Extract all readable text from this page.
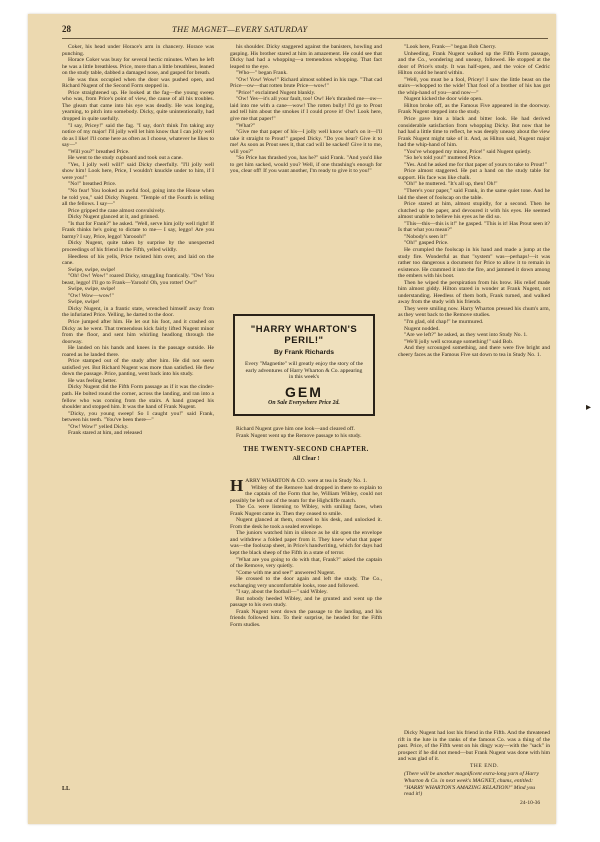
28	THE MAGNET—EVERY SATURDAY

Coker, his head under Horace's arm in chancery. Horace was punching.

Horace Coker was busy for several hectic minutes. When he left he was a little breathless. Price, more than a little breathless, leaned on the study table, dabbed a damaged nose, and gasped for breath.

He was thus occupied when the door was pushed open, and Richard Nugent of the Second Form stepped in.

Price straightened up. He looked at the fag—the young sweep who was, from Price's point of view, the cause of all his troubles. The gleam that came into his eye was deadly. He was longing, yearning, to pitch into somebody. Dicky, quite unintentionally, had dropped in quite usefully.

"I say, Pricey!" said the fag. "I say, don't think I'm taking any notice of my major! I'll jolly well let him know that I can jolly well do as I like! I'll come here as often as I choose, whatever he likes to say—"

"Will you?" breathed Price.

He went to the study cupboard and took out a cane.

"Yes, I jolly well will!" said Dicky cheerfully. "I'll jolly well show him! Look here, Price, I wouldn't knuckle under to him, if I were you!"

"No!" breathed Price.

"No fear! You looked an awful fool, going into the House when he told you," said Dicky Nugent. "Temple of the Fourth is telling all the fellows. I say—"

Price gripped the cane almost convulsively.

Dicky Nugent glanced at it, and grinned.

"Is that for Frank?" he asked. "Well, serve him jolly well right! If Frank thinks he's going to dictate to me— I say, leggo! Are you barmy? I say, Price, leggo! Yaroooh!"

Dicky Nugent, quite taken by surprise by the unexpected proceedings of his friend in the Fifth, yelled wildly.

Heedless of his yells, Price twisted him over, and laid on the cane.

Swipe, swipe, swipe!

"Oh! Ow! Wow!" roared Dicky, struggling frantically. "Ow! You beast, leggo! I'll go to Frank—Yarooh! Oh, you rotter! Ow!"

Swipe, swipe, swipe!

"Ow! Wow—wow!"

Swipe, swipe!

Dicky Nugent, in a frantic state, wrenched himself away from the infuriated Price. Yelling, he darted to the door.

Price jumped after him. He let out his foot, and it crashed on Dicky as he went. That tremendous kick fairly lifted Nugent minor from the floor, and sent him whirling headlong through the doorway.

He landed on his hands and knees in the passage outside. He roared as he landed there.

Price stamped out of the study after him. He did not seem satisfied yet. But Richard Nugent was more than satisfied. He flew down the passage. Price, panting, went back into his study.

He was feeling better.

Dicky Nugent did the Fifth Form passage as if it was the cinder-path. He bolted round the corner, across the landing, and ran into a fellow who was coming from the stairs. A hand grasped his shoulder and stopped him. It was the hand of Frank Nugent.

"Dicky, you young sweep! So I caught you!" said Frank, between his teeth. "You've been there—"

"Ow! Wow!" yelled Dicky.

Frank stared at him, and released

his shoulder. Dicky staggered against the banisters, howling and gasping. His brother stared at him in amazement. He could see that Dicky had had a whopping—a tremendous whopping. That fact leaped to the eye.

"Who—" began Frank.

"Ow! Yow! Wow!" Richard almost sobbed in his rage. "That cad Price—ow—that rotten brute Price—wow!"

"Price!" exclaimed Nugent blankly.

"Ow! Yes—it's all your fault, too! Ow! He's thrashed me—ow—laid into me with a cane—wow! The rotten bully! I'd go to Prout and tell him about the smokes if I could prove it! Ow! Look here, give me that paper!"

"What?"

"Give me that paper of his—I jolly well know what's on it—I'll take it straight to Prout!" gasped Dicky. "Do you hear? Give it to me! As soon as Prout sees it, that cad will be sacked! Give it to me, will you?"

"So Price has thrashed you, has he?" said Frank. "And you'd like to get him sacked, would you? Well, if one thrashing's enough for you, clear off! If you want another, I'm ready to give it to you!"

"HARRY WHARTON'S PERIL!"
By Frank Richards
Every "Magnetite" will greatly enjoy the story of the early adventures of Harry Wharton & Co. appearing in this week's
GEM
On Sale Everywhere Price 2d.

Richard Nugent gave him one look—and cleared off.

Frank Nugent went up the Remove passage to his study.

THE TWENTY-SECOND CHAPTER.
All Clear !

HARRY WHARTON & CO. were at tea in Study No. 1.

Wibley of the Remove had dropped in there to explain to the captain of the Form that he, William Wibley, could not possibly be left out of the team for the Highcliffe match.

The Co. were listening to Wibley, with smiling faces, when Frank Nugent came in. Then they ceased to smile.

Nugent glanced at them, crossed to his desk, and unlocked it. From the desk he took a sealed envelope.

The juniors watched him in silence as he slit open the envelope and withdrew a folded paper from it. They knew what that paper was—the foolscap sheet, in Price's handwriting, which for days had kept the black sheep of the Fifth in a state of terror.

"What are you going to do with that, Frank?" asked the captain of the Remove, very quietly.

"Come with me and see!" answered Nugent.

He crossed to the door again and left the study. The Co., exchanging very uncomfortable looks, rose and followed.

"I say, about the football—" said Wibley.

But nobody heeded Wibley, and he grunted and went up the passage to his own study.

Frank Nugent went down the passage to the landing, and his friends followed him. To their surprise, he headed for the Fifth Form studies.

"Look here, Frank—" began Bob Cherry.

Unheeding, Frank Nugent walked up the Fifth Form passage, and the Co., wondering and uneasy, followed. He stopped at the door of Price's study. It was half-open, and the voice of Cedric Hilton could be heard within.

"Well, you must be a fool, Pricey! I saw the little beast on the stairs—whopped to the wide! That fool of a brother of his has got the whip-hand of you—and now—"

Nugent kicked the door wide open.

Hilton broke off, as the Famous Five appeared in the doorway. Frank Nugent stepped into the study.

Price gave him a black and bitter look. He had derived considerable satisfaction from whopping Dicky. But now that he had had a little time to reflect, he was deeply uneasy about the view Frank Nugent might take of it. And, as Hilton said, Nugent major had the whip-hand of him.

"You've whopped my minor, Price!" said Nugent quietly.

"So he's told you!" muttered Price.

"Yes. And he asked me for that paper of yours to take to Prout!"

Price almost staggered. He put a hand on the study table for support. His face was like chalk.

"Oh!" he muttered. "It's all up, then! Oh!"

"There's your paper," said Frank, in the same quiet tone. And he laid the sheet of foolscap on the table.

Price stared at him, almost stupidly, for a second. Then he clutched up the paper, and devoured it with his eyes. He seemed almost unable to believe his eyes as he did so.

"This—this—this is it!" he gasped. "This is it! Has Prout seen it? Is that what you mean?"

"Nobody's seen it!"

"Oh!" gasped Price.

He crumpled the foolscap in his hand and made a jump at the study fire. Wonderful as that "system" was—perhaps!—it was rather too dangerous a document for Price to allow it to remain in existence. He crammed it into the fire, and jammed it down among the embers with his boot.

Then he wiped the perspiration from his brow. His relief made him almost giddy. Hilton stared in wonder at Frank Nugent, not understanding. Heedless of them both, Frank turned, and walked away from the study with his friends.

They were smiling now. Harry Wharton pressed his chum's arm, as they went back to the Remove studies.

"I'm glad, old chap!" he murmured.

Nugent nodded.

"Are we left?" he asked, as they went into Study No. 1.

"We'll jolly well scrounge something!" said Bob.

And they scrounged something, and there were five bright and cheery faces as the Famous Five sat down to tea in Study No. 1.

Dicky Nugent had lost his friend in the Fifth. And the threatened rift in the lute in the ranks of the famous Co. was a thing of the past. Price, of the Fifth went on his dingy way—with the "sack" in prospect if he did not mend—but Frank Nugent was done with him and was glad of it.

THE END.
(There will be another magnificent extra-long yarn of Harry Wharton & Co. in next week's MAGNET, chums, entitled: "HARRY WHARTON'S AMAZING RELATION!" Mind you read it!)
24-10-36
LL
▸
